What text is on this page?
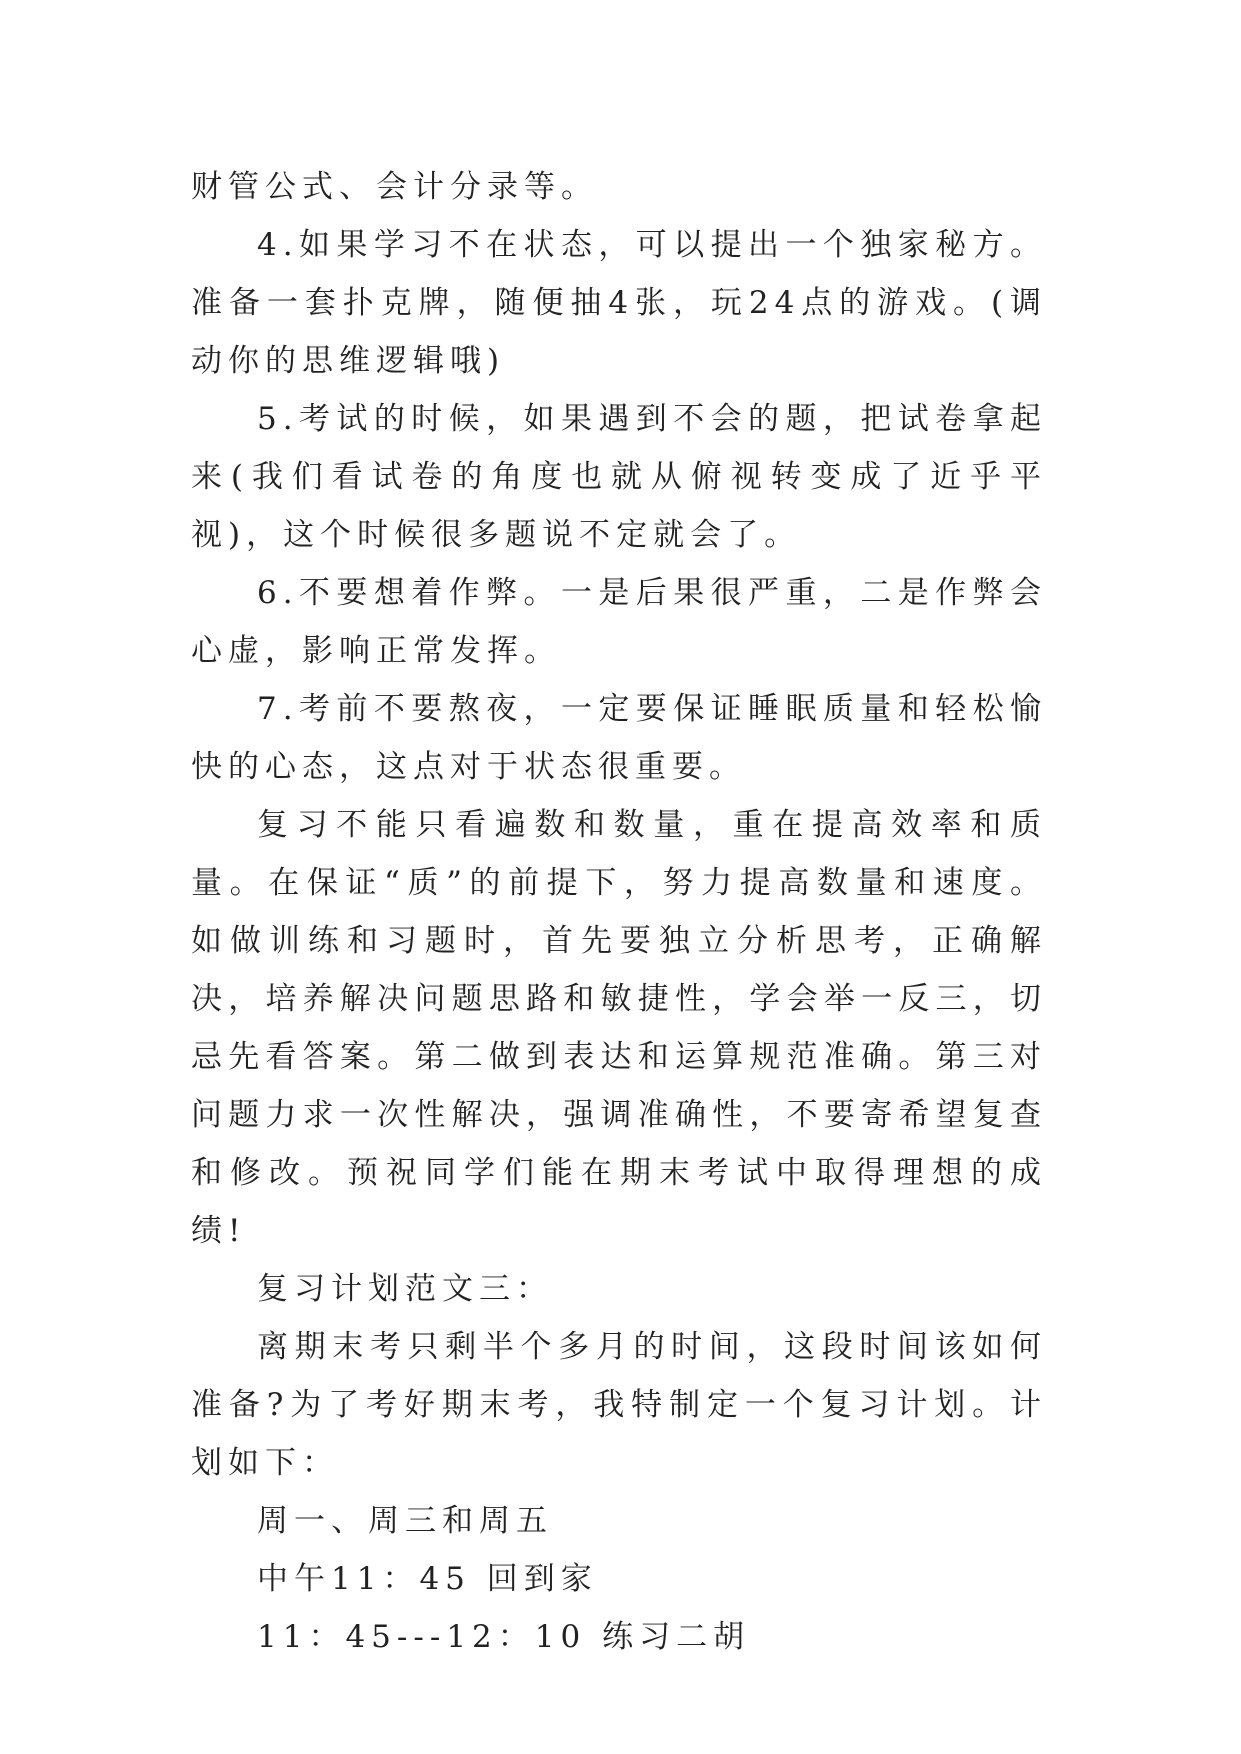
财管公式、会计分录等。

4.如果学习不在状态，可以提出一个独家秘方。准备一套扑克牌，随便抽4张，玩24点的游戏。(调动你的思维逻辑哦)

5.考试的时候，如果遇到不会的题，把试卷拿起来(我们看试卷的角度也就从俯视转变成了近乎平视)，这个时候很多题说不定就会了。

6.不要想着作弊。一是后果很严重，二是作弊会心虚，影响正常发挥。

7.考前不要熬夜，一定要保证睡眠质量和轻松愉快的心态，这点对于状态很重要。

复习不能只看遍数和数量，重在提高效率和质量。在保证“质”的前提下，努力提高数量和速度。如做训练和习题时，首先要独立分析思考，正确解决，培养解决问题思路和敏捷性，学会举一反三，切忌先看答案。第二做到表达和运算规范准确。第三对问题力求一次性解决，强调准确性，不要寄希望复查和修改。预祝同学们能在期末考试中取得理想的成绩!

复习计划范文三：

离期末考只剩半个多月的时间，这段时间该如何准备?为了考好期末考，我特制定一个复习计划。计划如下：

周一、周三和周五

中午11：45 回到家

11：45---12：10 练习二胡
